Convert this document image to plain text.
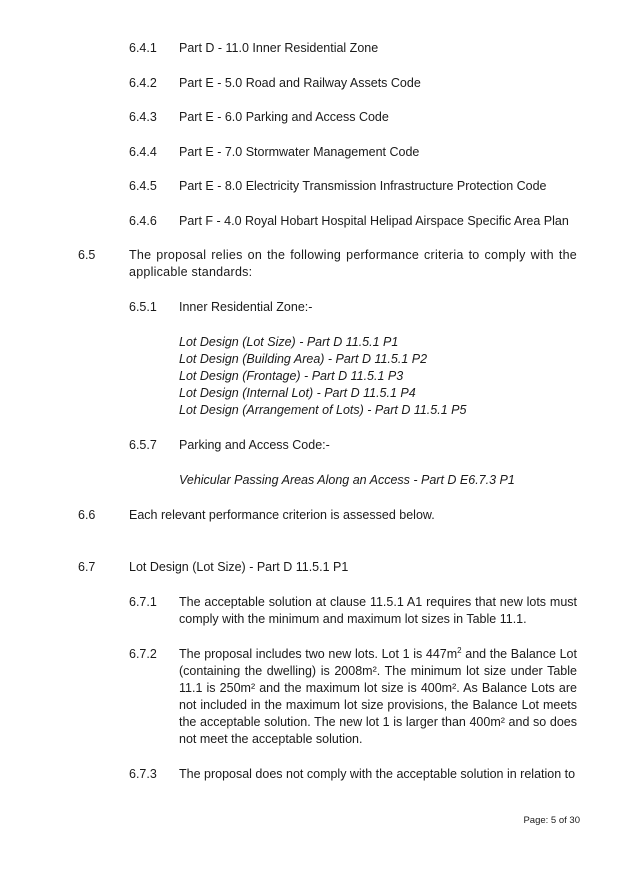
6.4.1 Part D - 11.0 Inner Residential Zone
6.4.2 Part E - 5.0 Road and Railway Assets Code
6.4.3 Part E - 6.0 Parking and Access Code
6.4.4 Part E - 7.0 Stormwater Management Code
6.4.5 Part E - 8.0 Electricity Transmission Infrastructure Protection Code
6.4.6 Part F - 4.0 Royal Hobart Hospital Helipad Airspace Specific Area Plan
6.5	The proposal relies on the following performance criteria to comply with the applicable standards:
6.5.1 Inner Residential Zone:-
Lot Design (Lot Size) - Part D 11.5.1 P1
Lot Design (Building Area) - Part D 11.5.1 P2
Lot Design (Frontage) - Part D 11.5.1 P3
Lot Design (Internal Lot) - Part D 11.5.1 P4
Lot Design (Arrangement of Lots) - Part D 11.5.1 P5
6.5.7 Parking and Access Code:-
Vehicular Passing Areas Along an Access - Part D E6.7.3 P1
6.6	Each relevant performance criterion is assessed below.
6.7	Lot Design (Lot Size) - Part D 11.5.1 P1
6.7.1 The acceptable solution at clause 11.5.1 A1 requires that new lots must comply with the minimum and maximum lot sizes in Table 11.1.
6.7.2 The proposal includes two new lots. Lot 1 is $447m^2$ and the Balance Lot (containing the dwelling) is 2008m². The minimum lot size under Table 11.1 is 250m² and the maximum lot size is 400m². As Balance Lots are not included in the maximum lot size provisions, the Balance Lot meets the acceptable solution. The new lot 1 is larger than 400m² and so does not meet the acceptable solution.
6.7.3 The proposal does not comply with the acceptable solution in relation to
Page: 5 of 30
